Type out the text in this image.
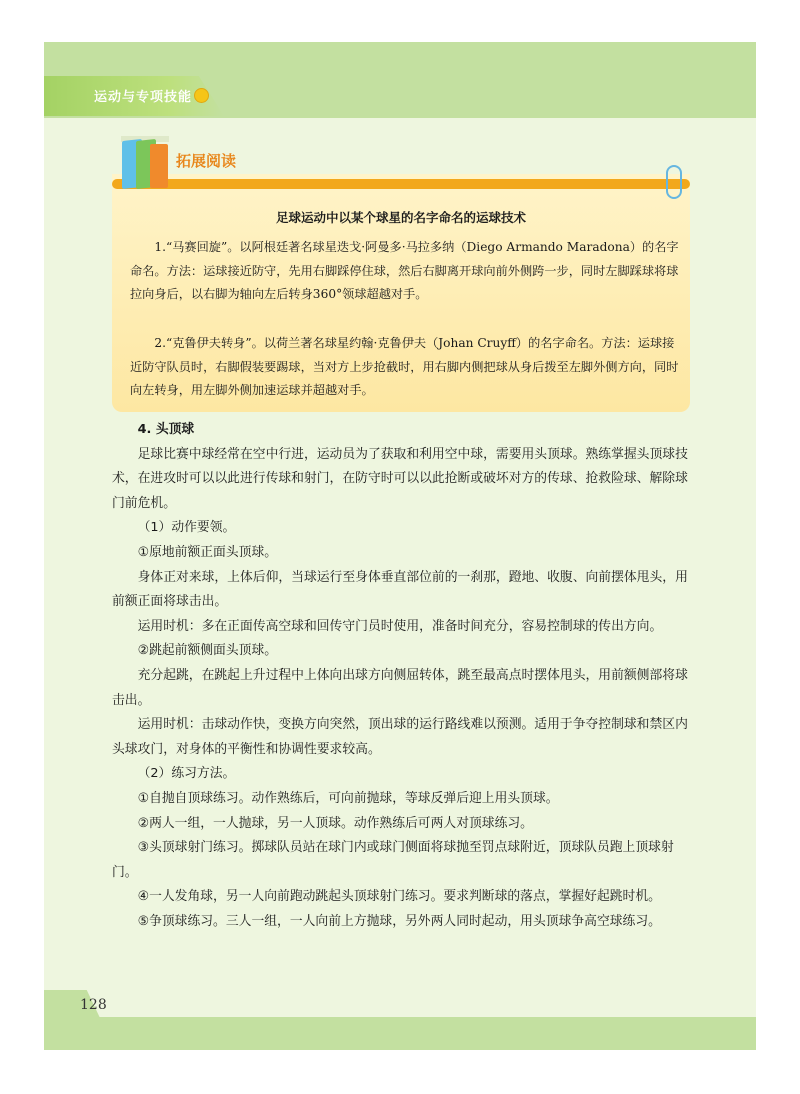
运动与专项技能
128
拓展阅读
足球运动中以某个球星的名字命名的运球技术
1.“马赛回旋”。以阿根廷著名球星迭戈·阿曼多·马拉多纳（Diego Armando Maradona）的名字命名。方法：运球接近防守，先用右脚踩停住球，然后右脚离开球向前外侧跨一步，同时左脚踩球将球拉向身后，以右脚为轴向左后转身360°领球超越对手。
2.“克鲁伊夫转身”。以荷兰著名球星约翰·克鲁伊夫（Johan Cruyff）的名字命名。方法：运球接近防守队员时，右脚假装要踢球，当对方上步抢截时，用右脚内侧把球从身后拨至左脚外侧方向，同时向左转身，用左脚外侧加速运球并超越对手。

4. 头顶球

足球比赛中球经常在空中行进，运动员为了获取和利用空中球，需要用头顶球。熟练掌握头顶球技术，在进攻时可以以此进行传球和射门，在防守时可以以此抢断或破坏对方的传球、抢救险球、解除球门前危机。

（1）动作要领。

①原地前额正面头顶球。

身体正对来球，上体后仰，当球运行至身体垂直部位前的一刹那，蹬地、收腹、向前摆体甩头，用前额正面将球击出。

运用时机：多在正面传高空球和回传守门员时使用，准备时间充分，容易控制球的传出方向。

②跳起前额侧面头顶球。

充分起跳，在跳起上升过程中上体向出球方向侧屈转体，跳至最高点时摆体甩头，用前额侧部将球击出。

运用时机：击球动作快，变换方向突然，顶出球的运行路线难以预测。适用于争夺控制球和禁区内头球攻门，对身体的平衡性和协调性要求较高。

（2）练习方法。

①自抛自顶球练习。动作熟练后，可向前抛球，等球反弹后迎上用头顶球。

②两人一组，一人抛球，另一人顶球。动作熟练后可两人对顶球练习。

③头顶球射门练习。掷球队员站在球门内或球门侧面将球抛至罚点球附近，顶球队员跑上顶球射门。

④一人发角球，另一人向前跑动跳起头顶球射门练习。要求判断球的落点，掌握好起跳时机。

⑤争顶球练习。三人一组，一人向前上方抛球，另外两人同时起动，用头顶球争高空球练习。
